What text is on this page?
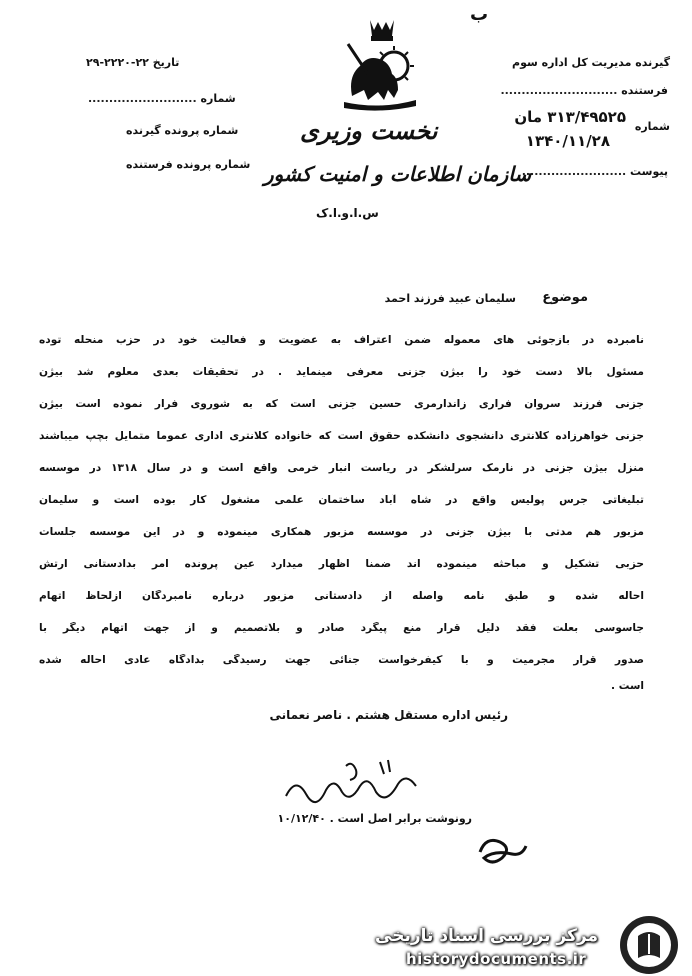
ب
گیرنده مدیریت کل اداره سوم
فرستنده ............................
شماره
۳۱۳/۴۹۵۲۵ مان
۱۳۴۰/۱۱/۲۸
پیوست .........................
تاریخ ۲۲-۲۲۲۰-۲۹
شماره ..........................
شماره پرونده گیرنده
شماره پرونده فرستنده
نخست وزیری
سازمان اطلاعات و امنیت کشور
س.ا.و.ا.ک
موضوع
سلیمان عبید فرزند احمد
نامبرده در بازجوئی های معموله ضمن اعتراف به عضویت و فعالیت خود در حزب منحله توده
مسئول بالا دست خود را بیژن جزنی معرفی مینماید . در تحقیقات بعدی معلوم شد بیژن
جزنی فرزند سروان فراری زاندارمری حسین جزنی است که به شوروی فرار نموده است بیژن
جزنی خواهرزاده کلانتری دانشجوی دانشکده حقوق است که خانواده کلانتری اداری عموما متمایل بچپ میباشند
منزل بیژن جزنی در نارمک سرلشکر در ریاست انبار خرمی واقع است و در سال ۱۳۱۸ در موسسه
تبلیغاتی جرس پولیس واقع در شاه آباد ساختمان علمی مشغول کار بوده است و سلیمان
مزبور هم مدتی با بیژن جزنی در موسسه مزبور همکاری مینموده و در این موسسه جلسات
حزبی تشکیل و مباحثه مینموده اند ضمنا اظهار میدارد عین پرونده امر بدادستانی ارتش
احاله شده و طبق نامه واصله از دادستانی مزبور درباره نامبردگان ازلحاظ اتهام
جاسوسی بعلت فقد دلیل قرار منع پیگرد صادر و بلاتصمیم و از جهت اتهام دیگر با
صدور قرار مجرمیت و با کیفرخواست جنائی جهت رسیدگی بدادگاه عادی احاله شده
است .
رئیس اداره مستقل هشتم . ناصر نعمانی
رونوشت برابر اصل است . ۱۰/۱۲/۴۰
مرکز بررسی اسناد تاریخی
historydocuments.ir
